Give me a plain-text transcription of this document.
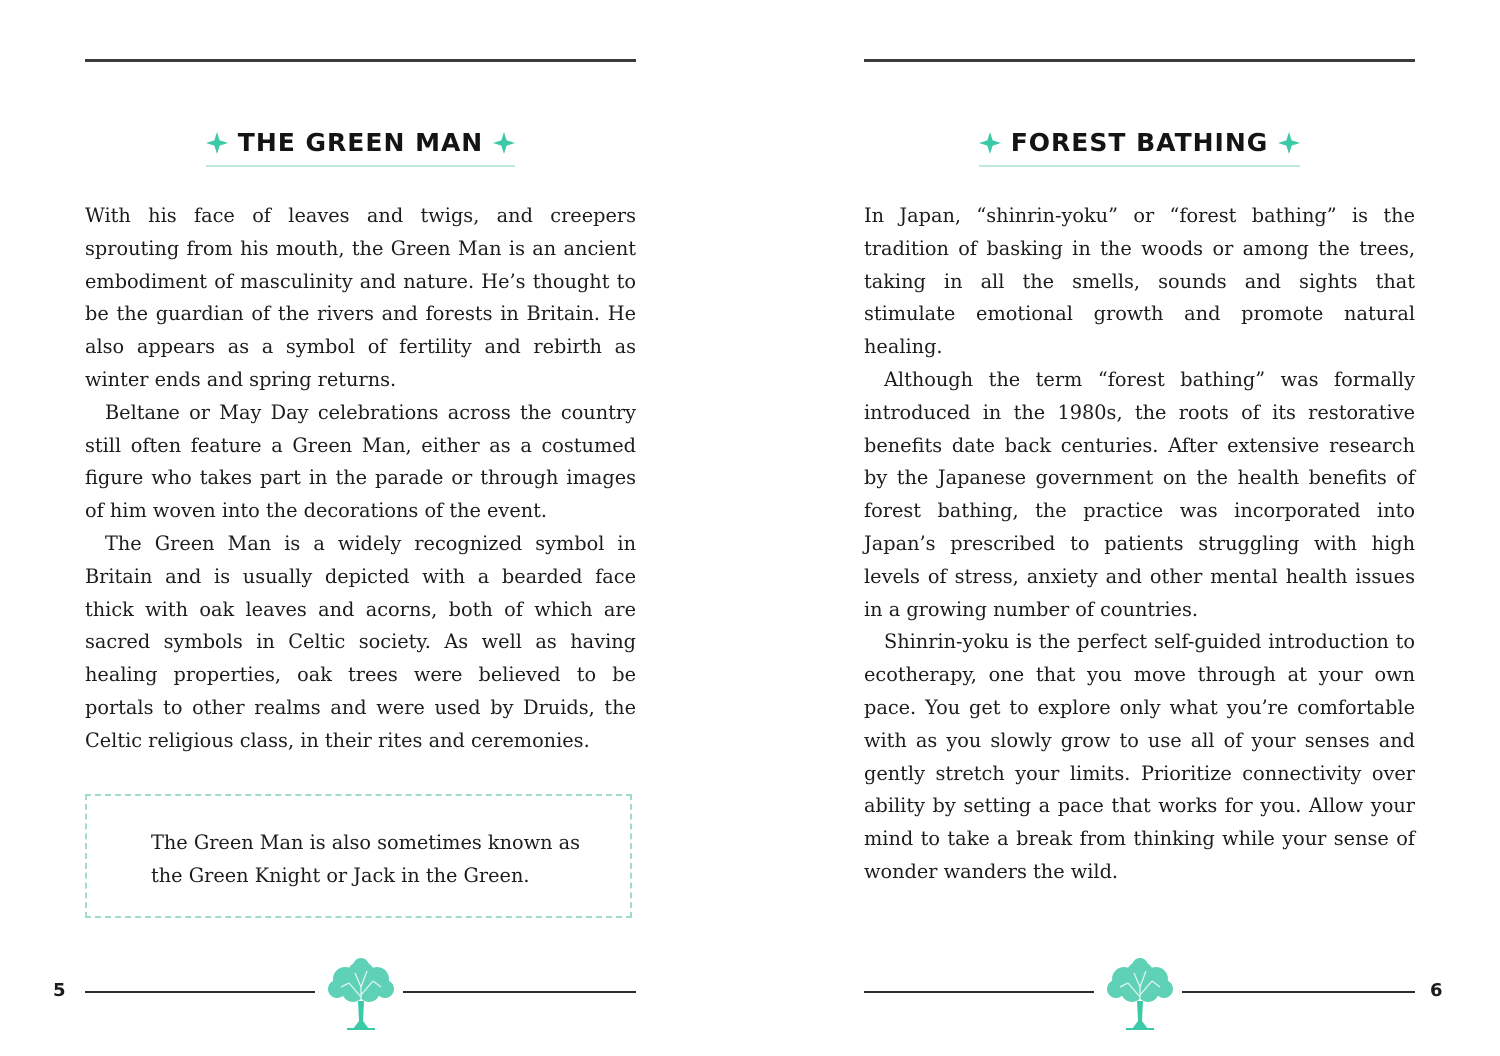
THE GREEN MAN

With his face of leaves and twigs, and creepers sprouting from his mouth, the Green Man is an ancient embodiment of masculinity and nature. He’s thought to be the guardian of the rivers and forests in Britain. He also appears as a symbol of fertility and rebirth as winter ends and spring returns.

Beltane or May Day celebrations across the country still often feature a Green Man, either as a costumed figure who takes part in the parade or through images of him woven into the decorations of the event.

The Green Man is a widely recognized symbol in Britain and is usually depicted with a bearded face thick with oak leaves and acorns, both of which are sacred symbols in Celtic society. As well as having healing properties, oak trees were believed to be portals to other realms and were used by Druids, the Celtic religious class, in their rites and ceremonies.

The Green Man is also sometimes known as the Green Knight or Jack in the Green.
5
FOREST BATHING

In Japan, “shinrin-yoku” or “forest bathing” is the tradition of basking in the woods or among the trees, taking in all the smells, sounds and sights that stimulate emotional growth and promote natural healing.

Although the term “forest bathing” was formally introduced in the 1980s, the roots of its restorative benefits date back centuries. After extensive research by the Japanese government on the health benefits of forest bathing, the practice was incorporated into Japan’s prescribed to patients struggling with high levels of stress, anxiety and other mental health issues in a growing number of countries.

Shinrin-yoku is the perfect self-guided introduction to ecotherapy, one that you move through at your own pace. You get to explore only what you’re comfortable with as you slowly grow to use all of your senses and gently stretch your limits. Prioritize connectivity over ability by setting a pace that works for you. Allow your mind to take a break from thinking while your sense of wonder wanders the wild.

6
